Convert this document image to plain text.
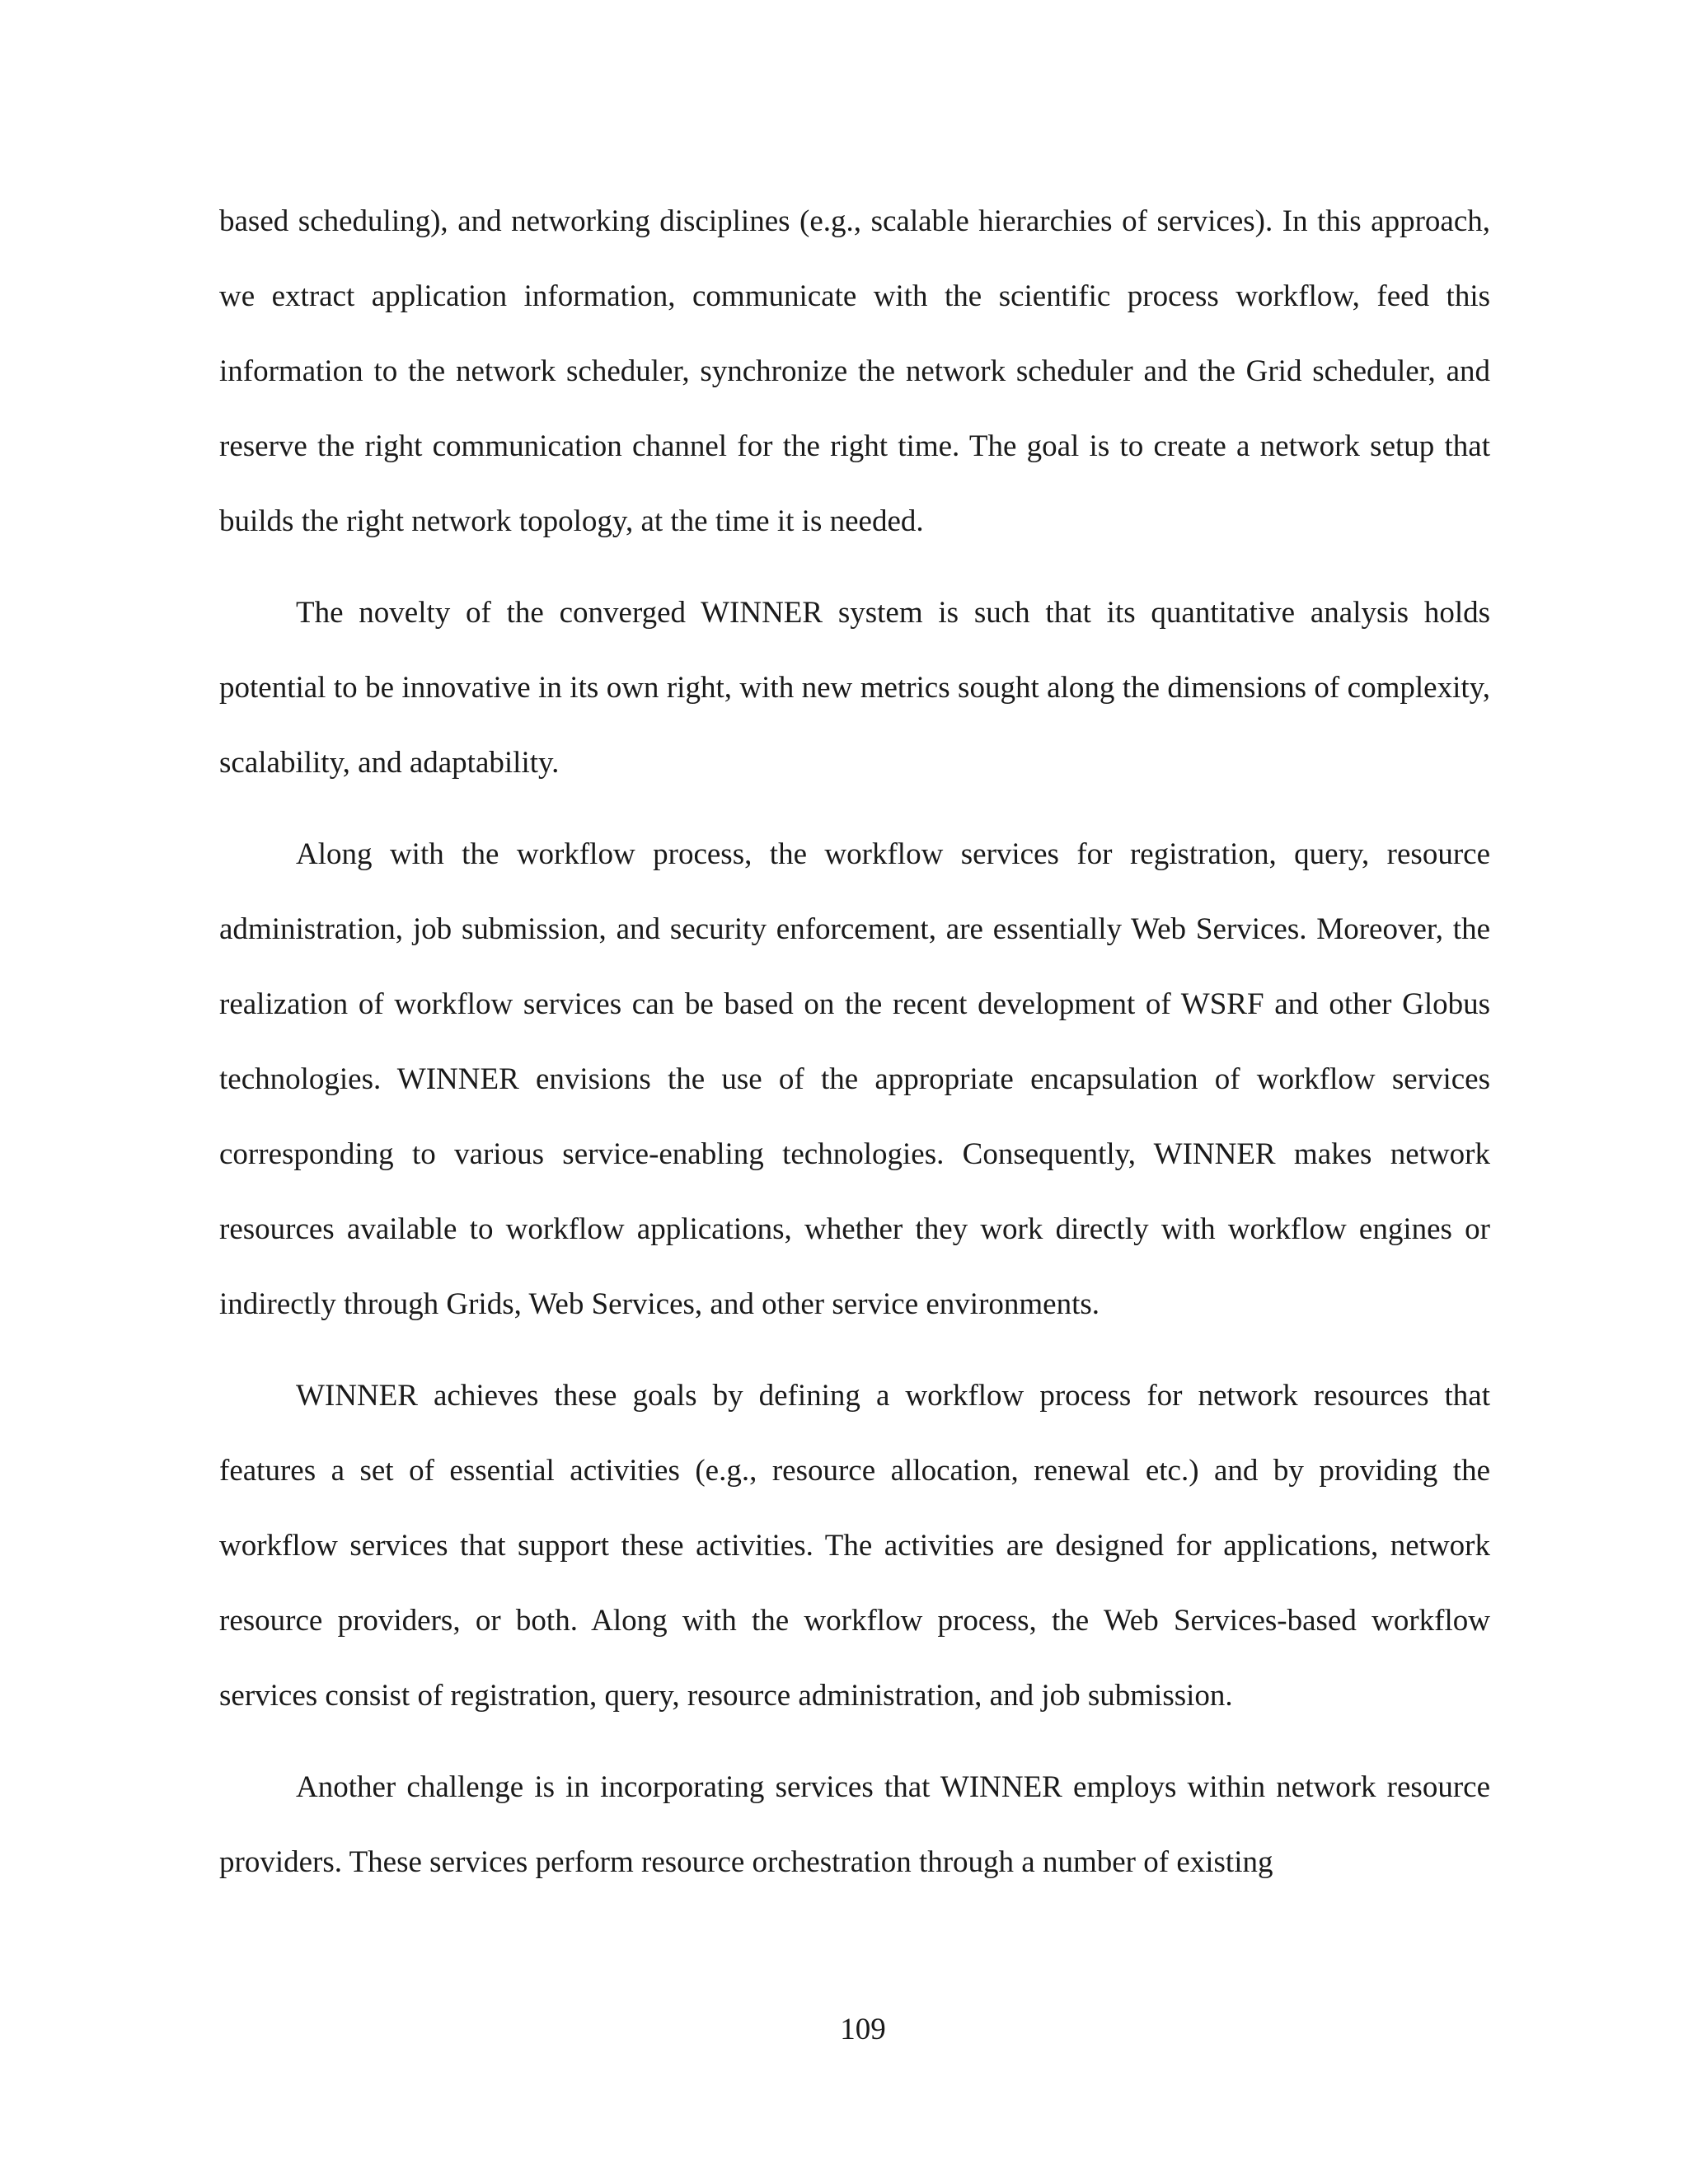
based scheduling), and networking disciplines (e.g., scalable hierarchies of services). In this approach, we extract application information, communicate with the scientific process workflow, feed this information to the network scheduler, synchronize the network scheduler and the Grid scheduler, and reserve the right communication channel for the right time. The goal is to create a network setup that builds the right network topology, at the time it is needed.

The novelty of the converged WINNER system is such that its quantitative analysis holds potential to be innovative in its own right, with new metrics sought along the dimensions of complexity, scalability, and adaptability.

Along with the workflow process, the workflow services for registration, query, resource administration, job submission, and security enforcement, are essentially Web Services. Moreover, the realization of workflow services can be based on the recent development of WSRF and other Globus technologies. WINNER envisions the use of the appropriate encapsulation of workflow services corresponding to various service-enabling technologies. Consequently, WINNER makes network resources available to workflow applications, whether they work directly with workflow engines or indirectly through Grids, Web Services, and other service environments.

WINNER achieves these goals by defining a workflow process for network resources that features a set of essential activities (e.g., resource allocation, renewal etc.) and by providing the workflow services that support these activities. The activities are designed for applications, network resource providers, or both. Along with the workflow process, the Web Services-based workflow services consist of registration, query, resource administration, and job submission.

Another challenge is in incorporating services that WINNER employs within network resource providers. These services perform resource orchestration through a number of existing

109
